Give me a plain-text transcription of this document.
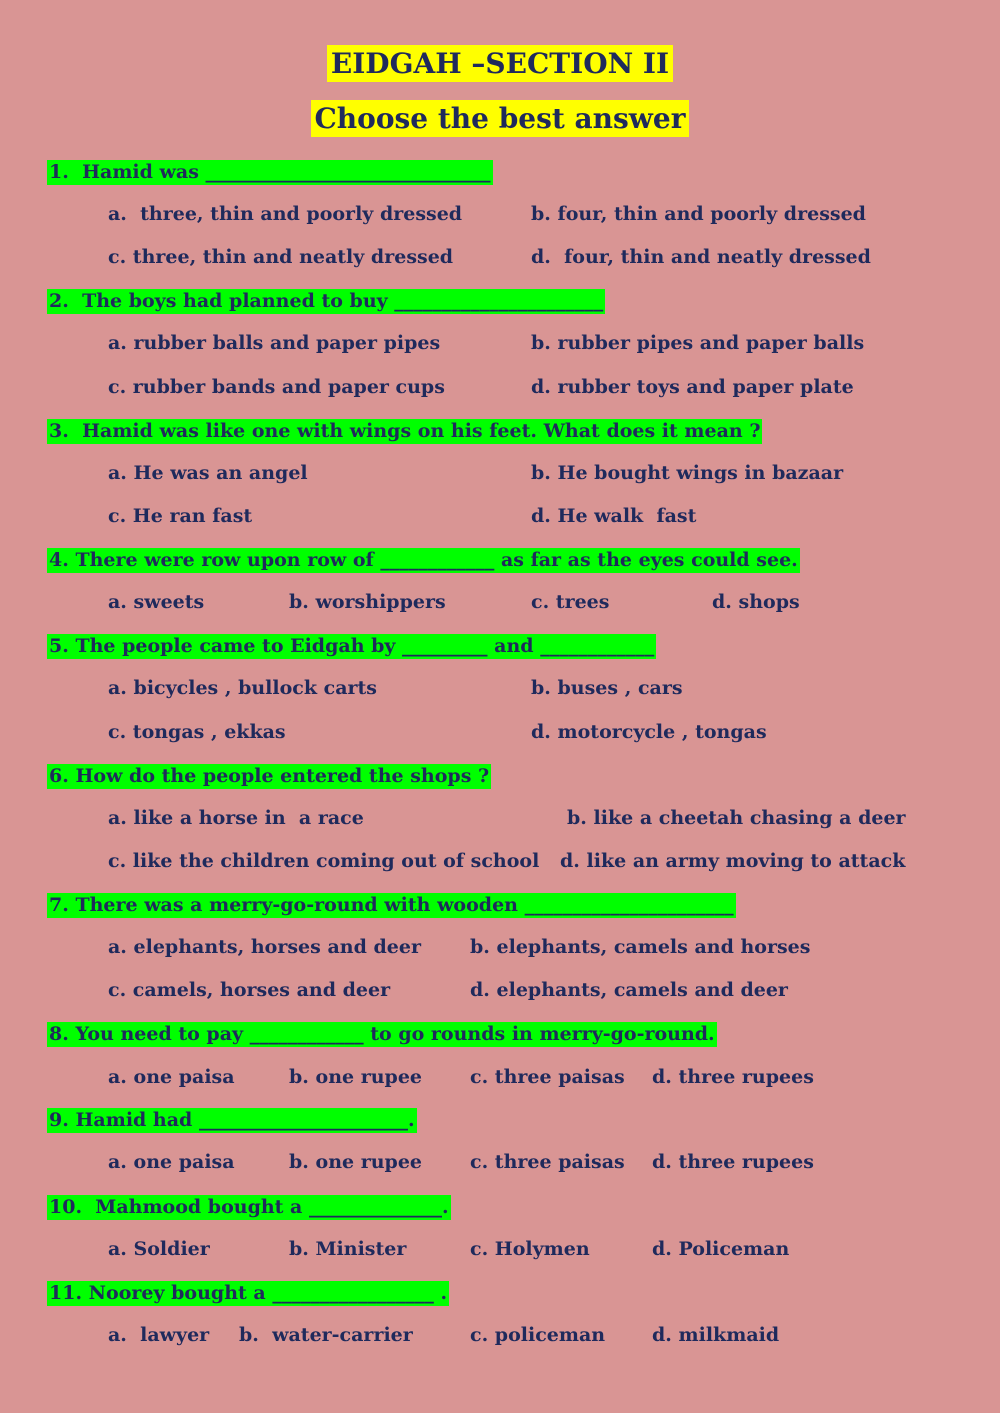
EIDGAH –SECTION II
Choose the best answer
1.  Hamid was ______________________________
a.  three, thin and poorly dressed	b. four, thin and poorly dressed
c. three, thin and neatly dressed	d.  four, thin and neatly dressed
2.  The boys had planned to buy ______________________
a. rubber balls and paper pipes	b. rubber pipes and paper balls
c. rubber bands and paper cups	d. rubber toys and paper plate
3.  Hamid was like one with wings on his feet. What does it mean ?
a. He was an angel	b. He bought wings in bazaar
c. He ran fast	d. He walk  fast
4. There were row upon row of ____________ as far as the eyes could see.
a. sweets	b. worshippers	c. trees	d. shops
5. The people came to Eidgah by _________ and ____________
a. bicycles , bullock carts	b. buses , cars
c. tongas , ekkas	d. motorcycle , tongas
6. How do the people entered the shops ?
a. like a horse in  a race	b. like a cheetah chasing a deer
c. like the children coming out of school d. like an army moving to attack
7. There was a merry-go-round with wooden ______________________
a. elephants, horses and deer	b. elephants, camels and horses
c. camels, horses and deer	d. elephants, camels and deer
8. You need to pay ____________ to go rounds in merry-go-round.
a. one paisa	b. one rupee	c. three paisas d. three rupees
9. Hamid had ______________________.
a. one paisa	b. one rupee	c. three paisas d. three rupees
10.  Mahmood bought a ______________.
a. Soldier	b. Minister	c. Holymen	d. Policeman
11. Noorey bought a _________________ .
a.  lawyer b.  water-carrier	c. policeman d. milkmaid
